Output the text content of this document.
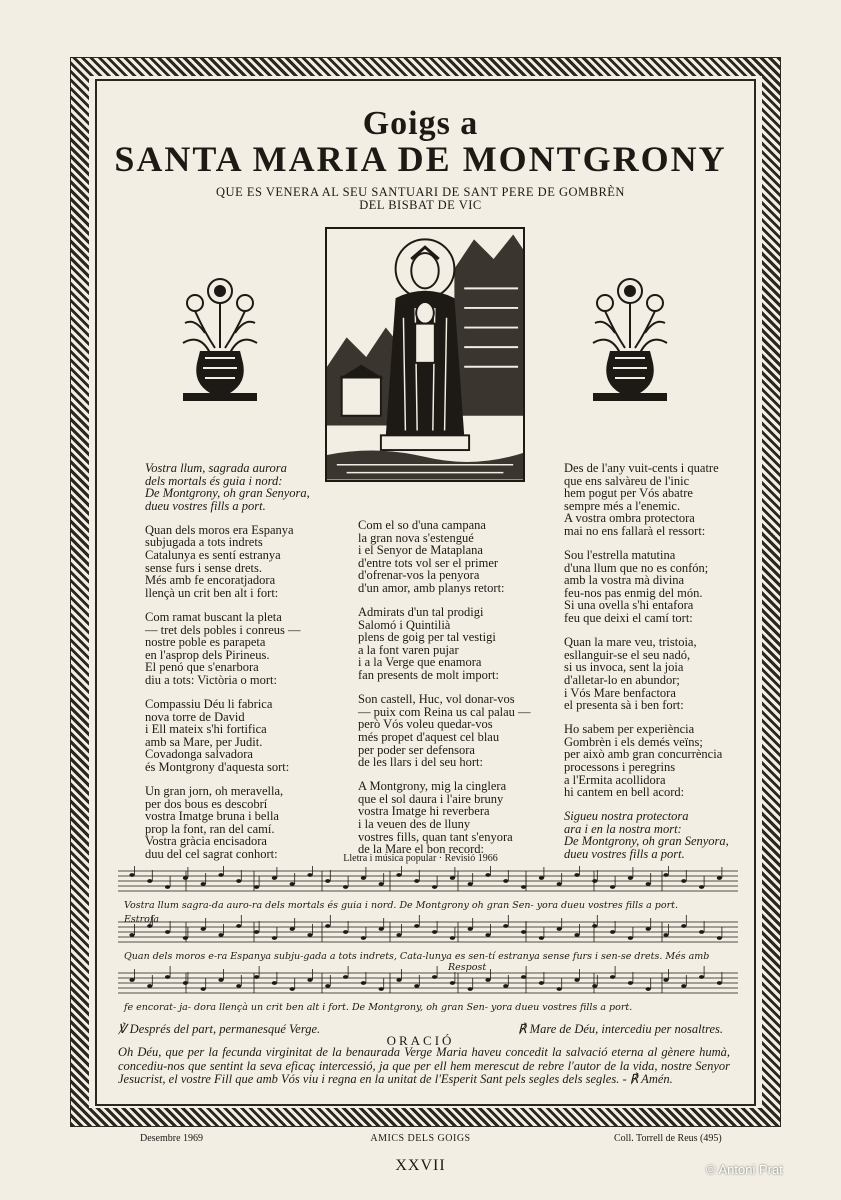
Goigs a
SANTA MARIA DE MONTGRONY
QUE ES VENERA AL SEU SANTUARI DE SANT PERE DE GOMBRÈN
DEL BISBAT DE VIC
Vostra llum, sagrada aurora
dels mortals és guia i nord:
De Montgrony, oh gran Senyora,
dueu vostres fills a port.
Quan dels moros era Espanya
subjugada a tots indrets
Catalunya es sentí estranya
sense furs i sense drets.
Més amb fe encoratjadora
llençà un crit ben alt i fort:
Com ramat buscant la pleta
— tret dels pobles i conreus —
nostre poble es parapeta
en l'asprор dels Pirineus.
El penó que s'enarbora
diu a tots: Victòria o mort:
Compassiu Déu li fabrica
nova torre de David
i Ell mateix s'hi fortifica
amb sa Mare, per Judit.
Covadonga salvadora
és Montgrony d'aquesta sort:
Un gran jorn, oh meravella,
per dos bous es descobrí
vostra Imatge bruna i bella
prop la font, ran del camí.
Vostra gràcia encisadora
duu del cel sagrat conhort:
Com el so d'una campana
la gran nova s'estengué
i el Senyor de Mataplana
d'entre tots vol ser el primer
d'ofrenar-vos la penyora
d'un amor, amb planys retort:
Admirats d'un tal prodigi
Salomó i Quintilià
plens de goig per tal vestigi
a la font varen pujar
i a la Verge que enamora
fan presents de molt import:
Son castell, Huc, vol donar-vos
— puix com Reina us cal palau —
però Vós voleu quedar-vos
més propet d'aquest cel blau
per poder ser defensora
de les llars i del seu hort:
A Montgrony, mig la cinglera
que el sol daura i l'aire bruny
vostra Imatge hi reverbera
i la veuen des de lluny
vostres fills, quan tant s'enyora
de la Mare el bon record:
Des de l'any vuit-cents i quatre
que ens salvàreu de l'inic
hem pogut per Vós abatre
sempre més a l'enemic.
A vostra ombra protectora
mai no ens fallarà el ressort:
Sou l'estrella matutina
d'una llum que no es confón;
amb la vostra mà divina
feu-nos pas enmig del món.
Si una ovella s'hi entafora
feu que deixi el camí tort:
Quan la mare veu, tristoia,
esllanguir-se el seu nadó,
si us invoca, sent la joia
d'alletar-lo en abundor;
i Vós Mare benfactora
el presenta sà i ben fort:
Ho sabem per experiència
Gombrèn i els demés veïns;
per això amb gran concurrència
processons i peregrins
a l'Ermita acollidora
hi cantem en bell acord:
Sigueu nostra protectora
ara i en la nostra mort:
De Montgrony, oh gran Senyora,
dueu vostres fills a port.
Lletra i música popular · Revisió 1966
Vostra llum sagra-da auro-ra dels mortals és guia i nord. De Montgrony oh gran Sen- yora dueu vostres fills a port.
Quan dels moros e-ra Espanya subju-gada a tots indrets, Cata-lunya es sen-tí estranya sense furs i sen-se drets. Més amb
fe encorat- ja- dora llençà un crit ben alt i fort. De Montgrony, oh gran Sen- yora dueu vostres fills a port.
Estrofa
Respost
℣ Després del part, permanesqué Verge.	℟ Mare de Déu, intercediu per nosaltres.
ORACIÓ
Oh Déu, que per la fecunda virginitat de la benaurada Verge Maria haveu concedit la salvació eterna al gènere humà, concediu-nos que sentint la seva eficaç intercessió, ja que per ell hem merescut de rebre l'autor de la vida, nostre Senyor Jesucrist, el vostre Fill que amb Vós viu i regna en la unitat de l'Esperit Sant pels segles dels segles. - ℟ Amén.
Desembre 1969	AMICS DELS GOIGS	Coll. Torrell de Reus (495)
XXVII	© Antoni Prat
